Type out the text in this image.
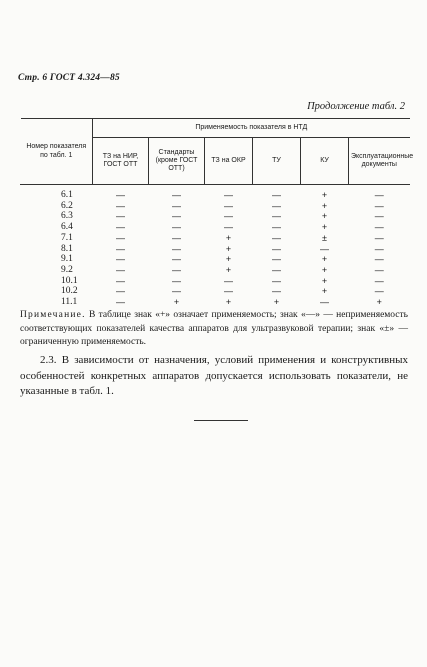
Стр. 6 ГОСТ 4.324—85
Продолжение табл. 2
Номер показателя по табл. 1	Применяемость показателя в НТД					
	ТЗ на НИР, ГОСТ ОТТ	Стандарты (кроме ГОСТ ОТТ)	ТЗ на ОКР	ТУ	КУ	Эксплуатационные документы

6.1	—	—	—	—	+	—
6.2	—	—	—	—	+	—
6.3	—	—	—	—	+	—
6.4	—	—	—	—	+	—
7.1	—	—	+	—	±	—
8.1	—	—	+	—	—	—
9.1	—	—	+	—	+	—
9.2	—	—	+	—	+	—
10.1	—	—	—	—	+	—
10.2	—	—	—	—	+	—
11.1	—	+	+	+	—	+
Примечание. В таблице знак «+» означает применяемость; знак «—» — неприменяемость соответствующих показателей качества аппаратов для ультразвуковой терапии; знак «±» — ограниченную применяемость.
2.3. В зависимости от назначения, условий применения и конструктивных особенностей конкретных аппаратов допускается использовать показатели, не указанные в табл. 1.
